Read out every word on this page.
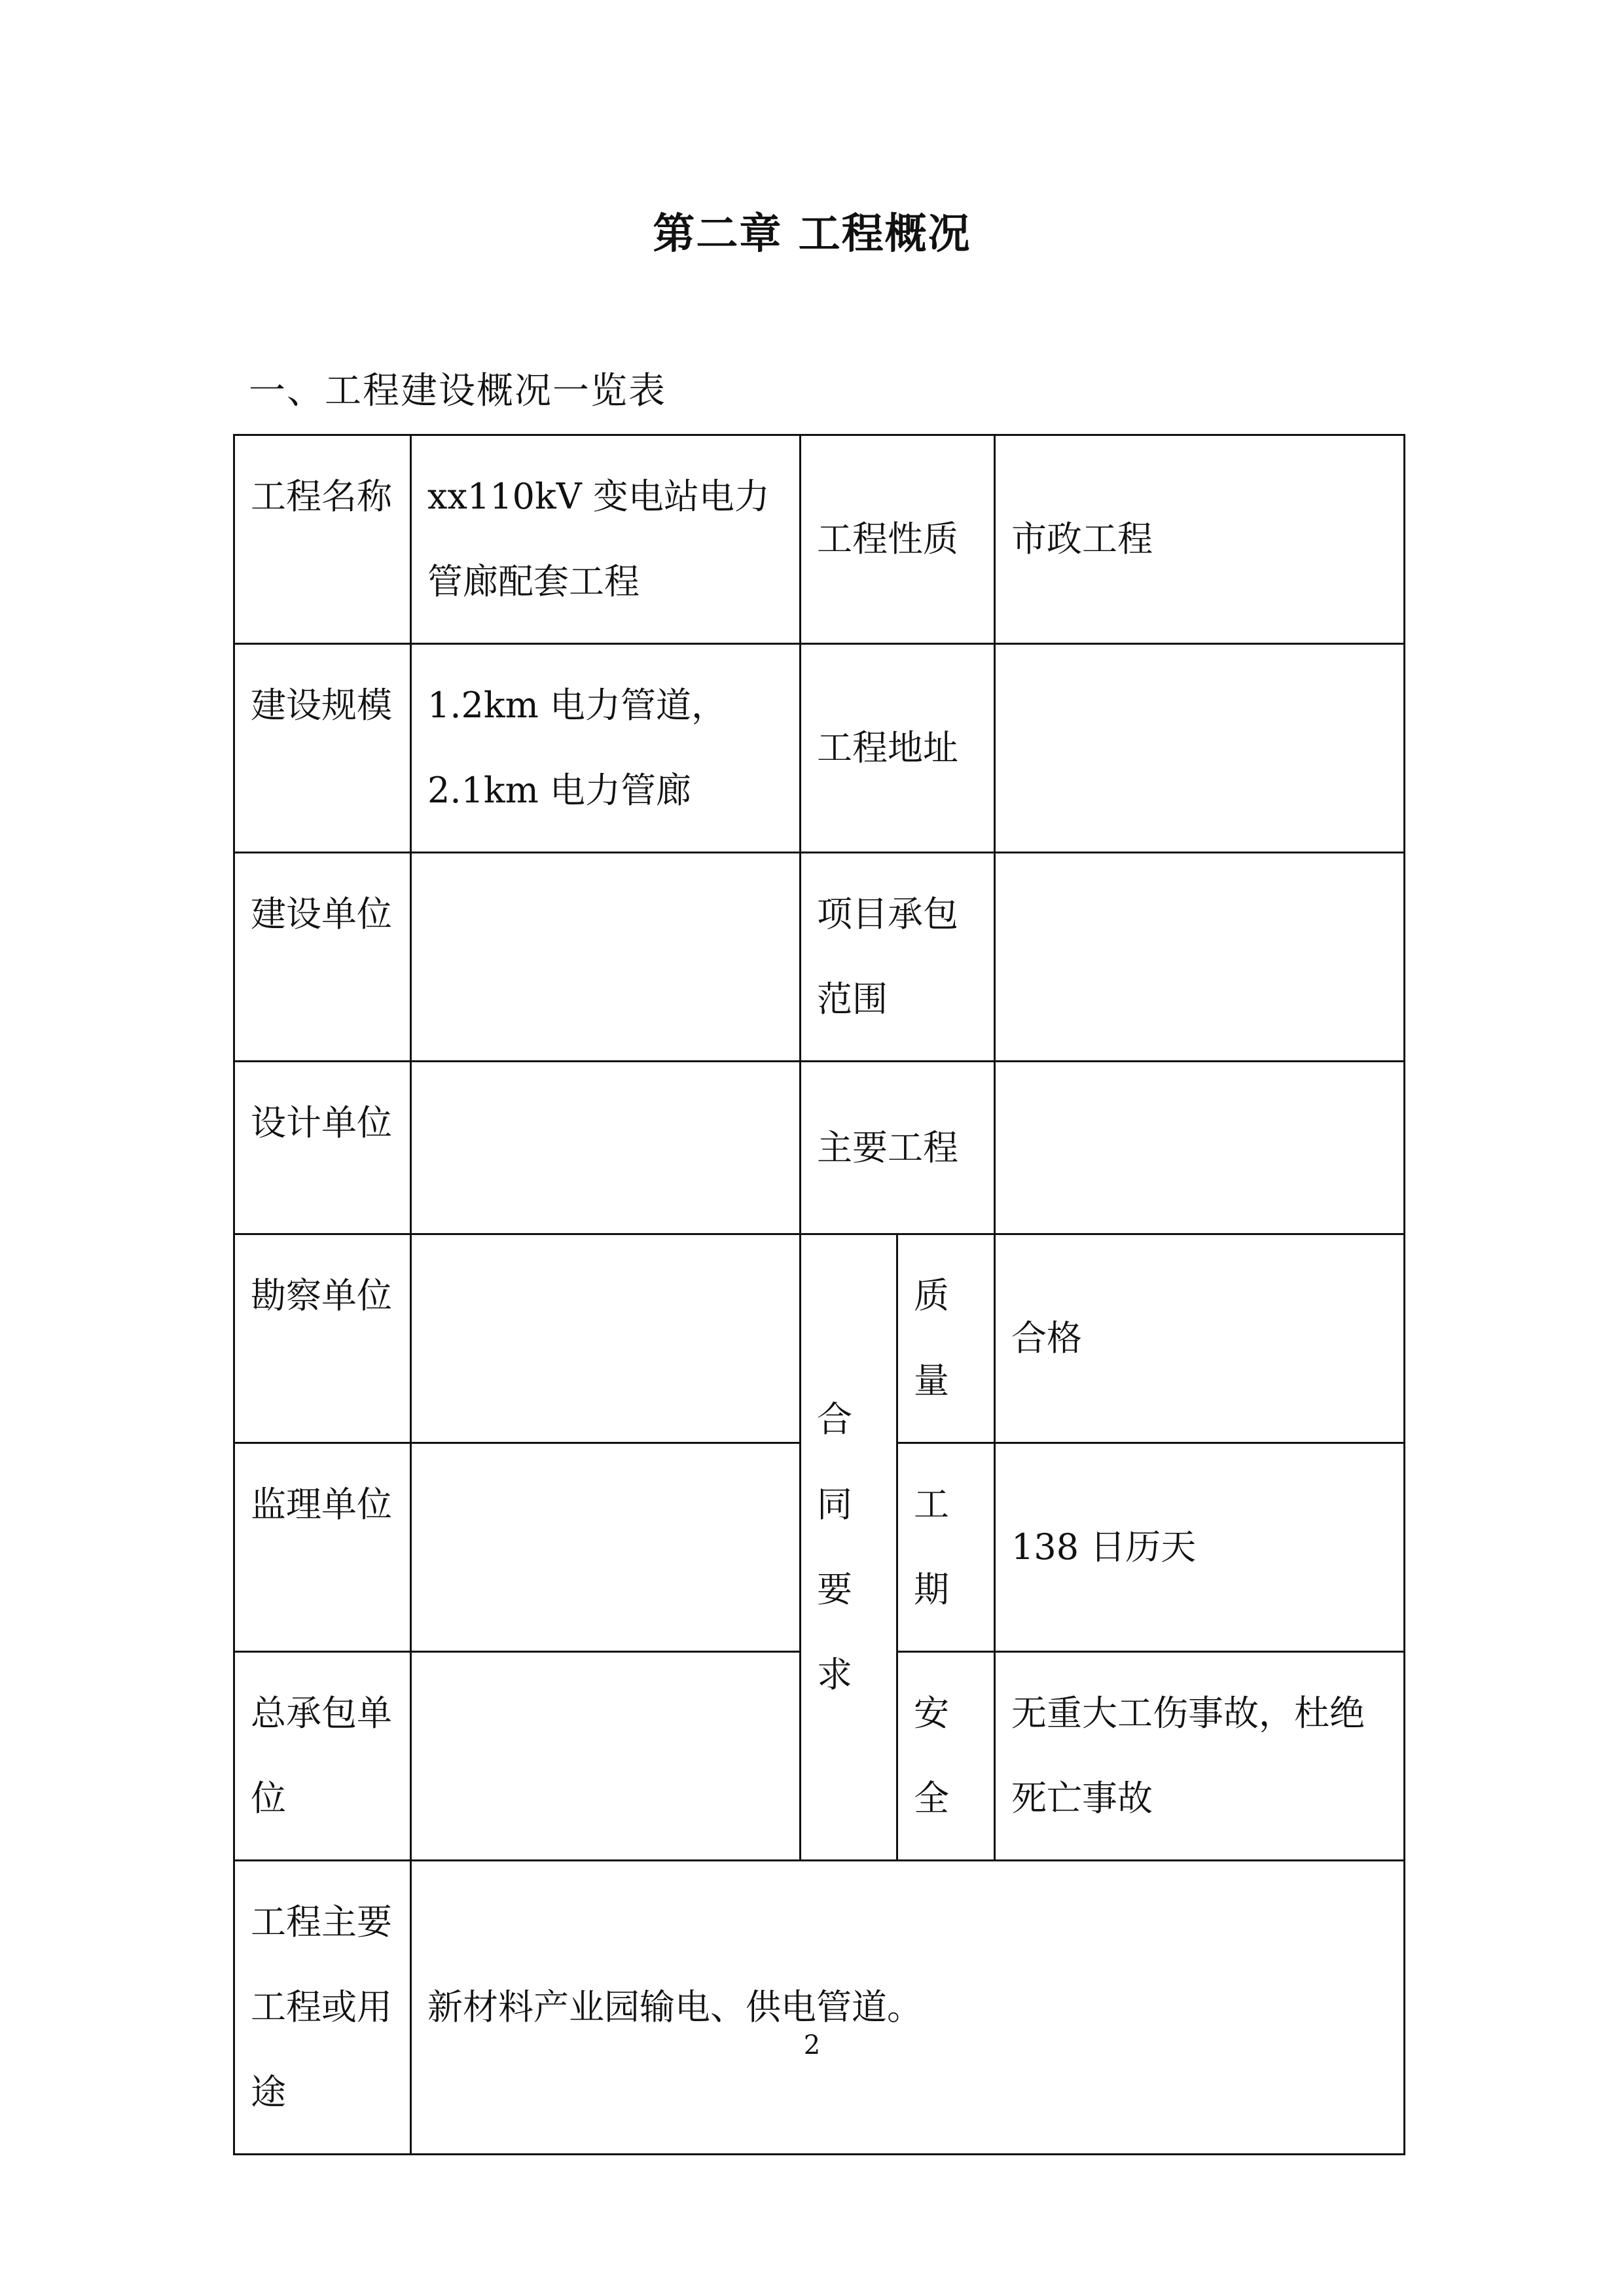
第二章 工程概况
一、工程建设概况一览表
工程名称	xx110kV 变电站电力管廊配套工程	工程性质		市政工程
建设规模	1.2km 电力管道，
2.1km 电力管廊	工程地址		
建设单位		项目承包范围		
设计单位		主要工程		
勘察单位		合同要求	质量	合格
监理单位			工期	138 日历天
总承包单位			安全	无重大工伤事故，杜绝死亡事故
工程主要工程或用途	新材料产业园输电、供电管道。			
2
